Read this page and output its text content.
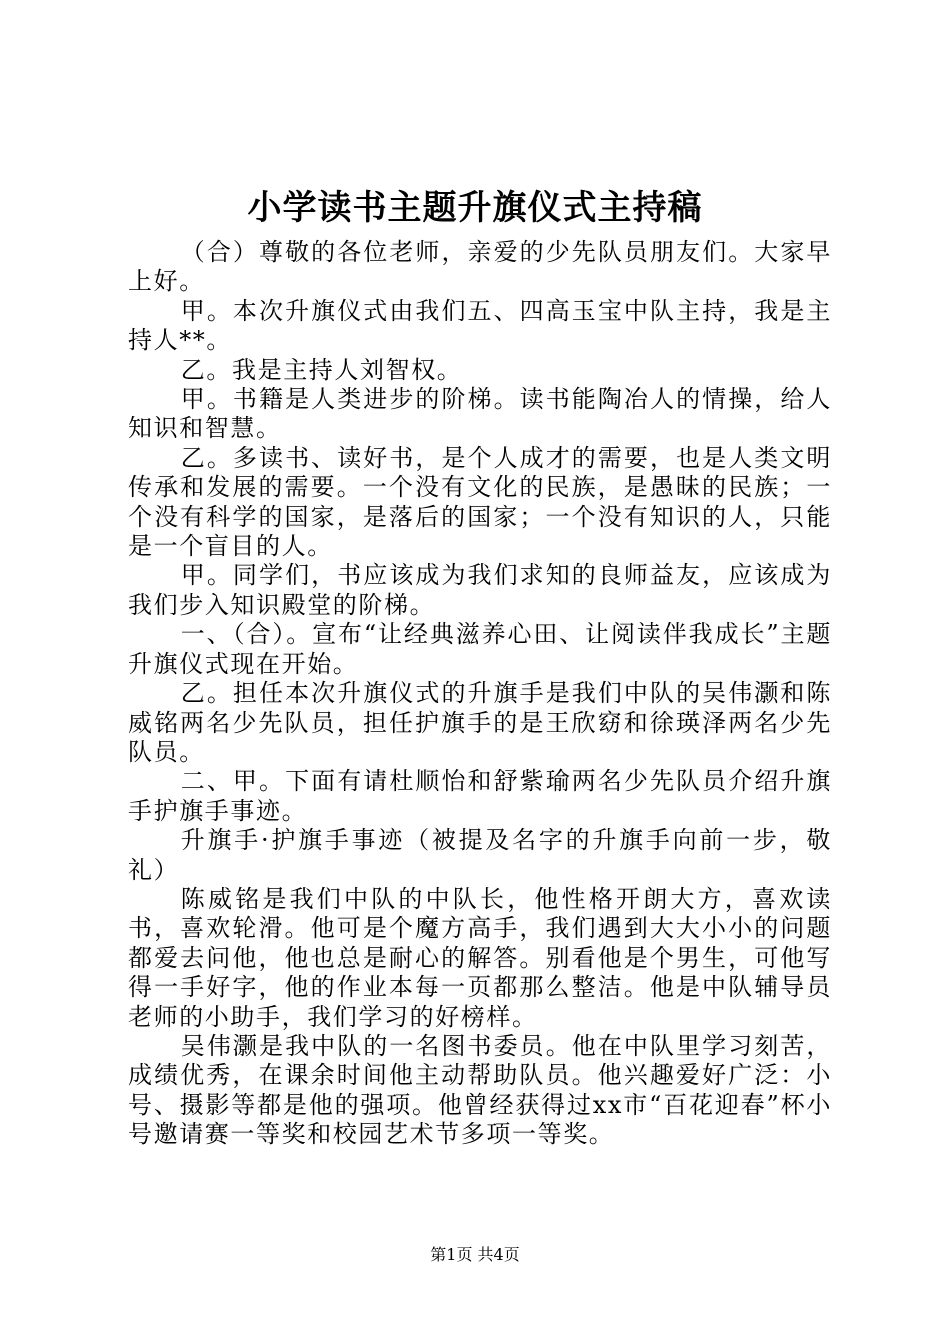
小学读书主题升旗仪式主持稿

（合）尊敬的各位老师，亲爱的少先队员朋友们。大家早上好。

甲。本次升旗仪式由我们五、四高玉宝中队主持，我是主持人**。

乙。我是主持人刘智权。

甲。书籍是人类进步的阶梯。读书能陶冶人的情操，给人知识和智慧。

乙。多读书、读好书，是个人成才的需要，也是人类文明传承和发展的需要。一个没有文化的民族，是愚昧的民族；一个没有科学的国家，是落后的国家；一个没有知识的人，只能是一个盲目的人。

甲。同学们，书应该成为我们求知的良师益友，应该成为我们步入知识殿堂的阶梯。

一、（合）。宣布“让经典滋养心田、让阅读伴我成长”主题升旗仪式现在开始。

乙。担任本次升旗仪式的升旗手是我们中队的吴伟灏和陈威铭两名少先队员，担任护旗手的是王欣窈和徐瑛泽两名少先队员。

二、甲。下面有请杜顺怡和舒紫瑜两名少先队员介绍升旗手护旗手事迹。

升旗手·护旗手事迹（被提及名字的升旗手向前一步，敬礼）

陈威铭是我们中队的中队长，他性格开朗大方，喜欢读书，喜欢轮滑。他可是个魔方高手，我们遇到大大小小的问题都爱去问他，他也总是耐心的解答。别看他是个男生，可他写得一手好字，他的作业本每一页都那么整洁。他是中队辅导员老师的小助手，我们学习的好榜样。

吴伟灏是我中队的一名图书委员。他在中队里学习刻苦，成绩优秀，在课余时间他主动帮助队员。他兴趣爱好广泛：小号、摄影等都是他的强项。他曾经获得过xx市“百花迎春”杯小号邀请赛一等奖和校园艺术节多项一等奖。

第1页 共4页
